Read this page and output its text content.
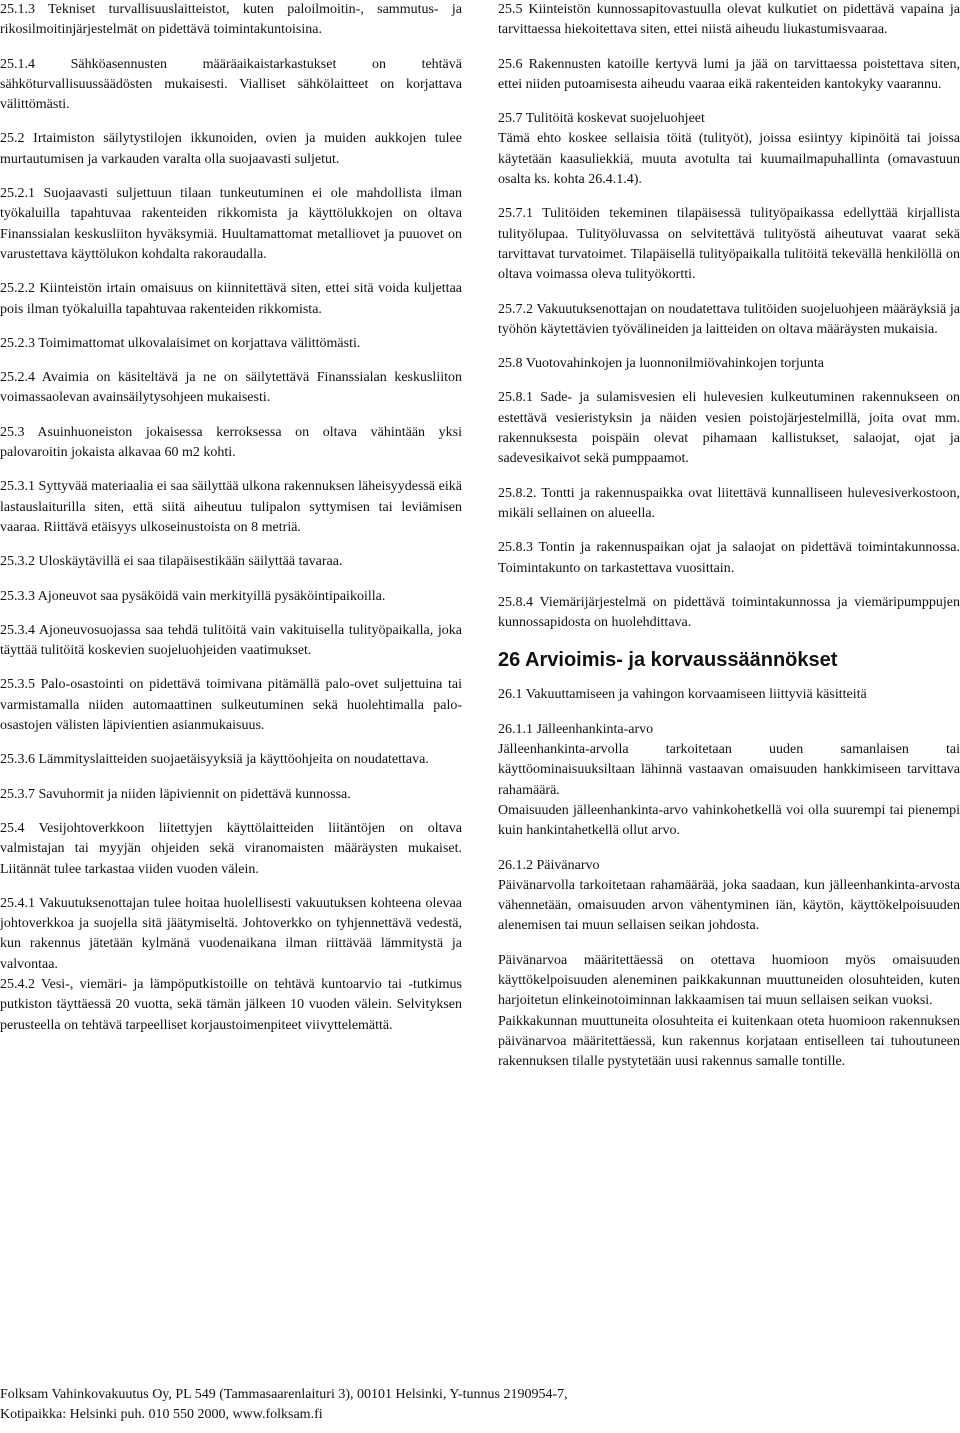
25.1.3 Tekniset turvallisuuslaitteistot, kuten paloilmoitin-, sammutus- ja rikosilmoitinjärjestelmät on pidettävä toimintakuntoisina.

25.1.4 Sähköasennusten määräaikaistarkastukset on tehtävä sähköturvallisuussäädösten mukaisesti. Vialliset sähkölaitteet on korjattava välittömästi.

25.2 Irtaimiston säilytystilojen ikkunoiden, ovien ja muiden aukkojen tulee murtautumisen ja varkauden varalta olla suojaavasti suljetut.

25.2.1 Suojaavasti suljettuun tilaan tunkeutuminen ei ole mahdollista ilman työkaluilla tapahtuvaa rakenteiden rikkomista ja käyttölukkojen on oltava Finanssialan keskusliiton hyväksymiä. Huultamattomat metalliovet ja puuovet on varustettava käyttölukon kohdalta rakoraudalla.

25.2.2 Kiinteistön irtain omaisuus on kiinnitettävä siten, ettei sitä voida kuljettaa pois ilman työkaluilla tapahtuvaa rakenteiden rikkomista.

25.2.3 Toimimattomat ulkovalaisimet on korjattava välittömästi.

25.2.4 Avaimia on käsiteltävä ja ne on säilytettävä Finanssialan keskusliiton voimassaolevan avainsäilytysohjeen mukaisesti.

25.3 Asuinhuoneiston jokaisessa kerroksessa on oltava vähintään yksi palovaroitin jokaista alkavaa 60 m2 kohti.

25.3.1 Syttyvää materiaalia ei saa säilyttää ulkona rakennuksen läheisyydessä eikä lastauslaiturilla siten, että siitä aiheutuu tulipalon syttymisen tai leviämisen vaaraa. Riittävä etäisyys ulkoseinustoista on 8 metriä.

25.3.2 Uloskäytävillä ei saa tilapäisestikään säilyttää tavaraa.

25.3.3 Ajoneuvot saa pysäköidä vain merkityillä pysäköintipaikoilla.

25.3.4 Ajoneuvosuojassa saa tehdä tulitöitä vain vakituisella tulityöpaikalla, joka täyttää tulitöitä koskevien suojeluohjeiden vaatimukset.

25.3.5 Palo-osastointi on pidettävä toimivana pitämällä palo-ovet suljettuina tai varmistamalla niiden automaattinen sulkeutuminen sekä huolehtimalla palo-osastojen välisten läpivientien asianmukaisuus.

25.3.6 Lämmityslaitteiden suojaetäisyyksiä ja käyttöohjeita on noudatettava.

25.3.7 Savuhormit ja niiden läpiviennit on pidettävä kunnossa.

25.4 Vesijohtoverkkoon liitettyjen käyttölaitteiden liitäntöjen on oltava valmistajan tai myyjän ohjeiden sekä viranomaisten määräysten mukaiset. Liitännät tulee tarkastaa viiden vuoden välein.

25.4.1 Vakuutuksenottajan tulee hoitaa huolellisesti vakuutuksen kohteena olevaa johtoverkkoa ja suojella sitä jäätymiseltä. Johtoverkko on tyhjennettävä vedestä, kun rakennus jätetään kylmänä vuodenaikana ilman riittävää lämmitystä ja valvontaa.

25.4.2 Vesi-, viemäri- ja lämpöputkistoille on tehtävä kuntoarvio tai -tutkimus putkiston täyttäessä 20 vuotta, sekä tämän jälkeen 10 vuoden välein. Selvityksen perusteella on tehtävä tarpeelliset korjaustoimenpiteet viivyttelemättä.

25.5 Kiinteistön kunnossapitovastuulla olevat kulkutiet on pidettävä vapaina ja tarvittaessa hiekoitettava siten, ettei niistä aiheudu liukastumisvaaraa.

25.6 Rakennusten katoille kertyvä lumi ja jää on tarvittaessa poistettava siten, ettei niiden putoamisesta aiheudu vaaraa eikä rakenteiden kantokyky vaarannu.

25.7 Tulitöitä koskevat suojeluohjeet
Tämä ehto koskee sellaisia töitä (tulityöt), joissa esiintyy kipinöitä tai joissa käytetään kaasuliekkiä, muuta avotulta tai kuumailmapuhallinta (omavastuun osalta ks. kohta 26.4.1.4).

25.7.1 Tulitöiden tekeminen tilapäisessä tulityöpaikassa edellyttää kirjallista tulityölupaa. Tulityöluvassa on selvitettävä tulityöstä aiheutuvat vaarat sekä tarvittavat turvatoimet. Tilapäisellä tulityöpaikalla tulitöitä tekevällä henkilöllä on oltava voimassa oleva tulityökortti.

25.7.2 Vakuutuksenottajan on noudatettava tulitöiden suojeluohjeen määräyksiä ja työhön käytettävien työvälineiden ja laitteiden on oltava määräysten mukaisia.

25.8 Vuotovahinkojen ja luonnonilmiövahinkojen torjunta

25.8.1 Sade- ja sulamisvesien eli hulevesien kulkeutuminen rakennukseen on estettävä vesieristyksin ja näiden vesien poistojärjestelmillä, joita ovat mm. rakennuksesta poispäin olevat pihamaan kallistukset, salaojat, ojat ja sadevesikaivot sekä pumppaamot.

25.8.2. Tontti ja rakennuspaikka ovat liitettävä kunnalliseen hulevesiverkostoon, mikäli sellainen on alueella.

25.8.3 Tontin ja rakennuspaikan ojat ja salaojat on pidettävä toimintakunnossa. Toimintakunto on tarkastettava vuosittain.

25.8.4 Viemärijärjestelmä on pidettävä toimintakunnossa ja viemäripumppujen kunnossapidosta on huolehdittava.

26 Arvioimis- ja korvaussäännökset

26.1 Vakuuttamiseen ja vahingon korvaamiseen liittyviä käsitteitä

26.1.1 Jälleenhankinta-arvo
Jälleenhankinta-arvolla tarkoitetaan uuden samanlaisen tai käyttöominaisuuksiltaan lähinnä vastaavan omaisuuden hankkimiseen tarvittava rahamäärä.

Omaisuuden jälleenhankinta-arvo vahinkohetkellä voi olla suurempi tai pienempi kuin hankintahetkellä ollut arvo.

26.1.2 Päivänarvo
Päivänarvolla tarkoitetaan rahamäärää, joka saadaan, kun jälleenhankinta-arvosta vähennetään, omaisuuden arvon vähentyminen iän, käytön, käyttökelpoisuuden alenemisen tai muun sellaisen seikan johdosta.

Päivänarvoa määritettäessä on otettava huomioon myös omaisuuden käyttökelpoisuuden aleneminen paikkakunnan muuttuneiden olosuhteiden, kuten harjoitetun elinkeinotoiminnan lakkaamisen tai muun sellaisen seikan vuoksi.

Paikkakunnan muuttuneita olosuhteita ei kuitenkaan oteta huomioon rakennuksen päivänarvoa määritettäessä, kun rakennus korjataan entiselleen tai tuhoutuneen rakennuksen tilalle pystytetään uusi rakennus samalle tontille.

Folksam Vahinkovakuutus Oy, PL 549 (Tammasaarenlaituri 3), 00101 Helsinki, Y-tunnus 2190954-7,
Kotipaikka: Helsinki puh. 010 550 2000, www.folksam.fi
